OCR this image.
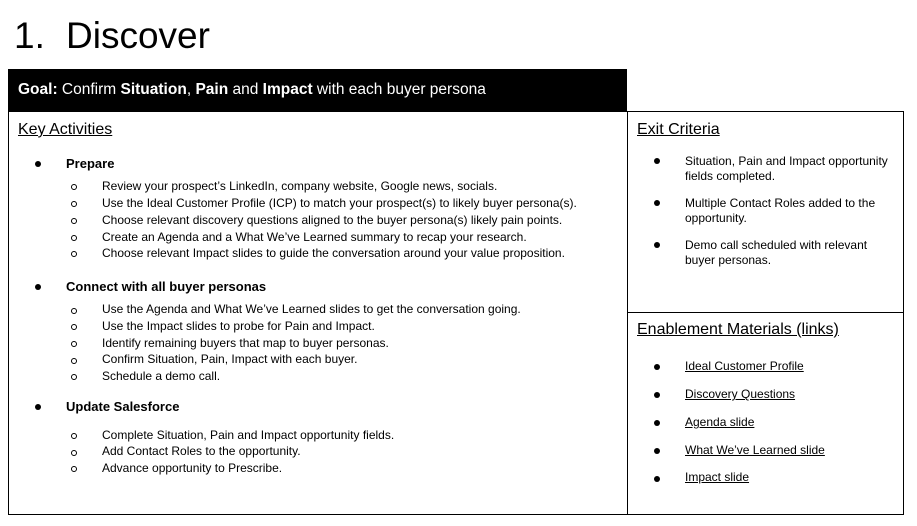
1. Discover
Goal: Confirm Situation, Pain and Impact with each buyer persona
Key Activities
Prepare
Review your prospect’s LinkedIn, company website, Google news, socials.
Use the Ideal Customer Profile (ICP) to match your prospect(s) to likely buyer persona(s).
Choose relevant discovery questions aligned to the buyer persona(s) likely pain points.
Create an Agenda and a What We’ve Learned summary to recap your research.
Choose relevant Impact slides to guide the conversation around your value proposition.
Connect with all buyer personas
Use the Agenda and What We’ve Learned slides to get the conversation going.
Use the Impact slides to probe for Pain and Impact.
Identify remaining buyers that map to buyer personas.
Confirm Situation, Pain, Impact with each buyer.
Schedule a demo call.
Update Salesforce
Complete Situation, Pain and Impact opportunity fields.
Add Contact Roles to the opportunity.
Advance opportunity to Prescribe.
Exit Criteria
Situation, Pain and Impact opportunity fields completed.
Multiple Contact Roles added to the opportunity.
Demo call scheduled with relevant buyer personas.
Enablement Materials (links)
Ideal Customer Profile
Discovery Questions
Agenda slide
What We’ve Learned slide
Impact slide
